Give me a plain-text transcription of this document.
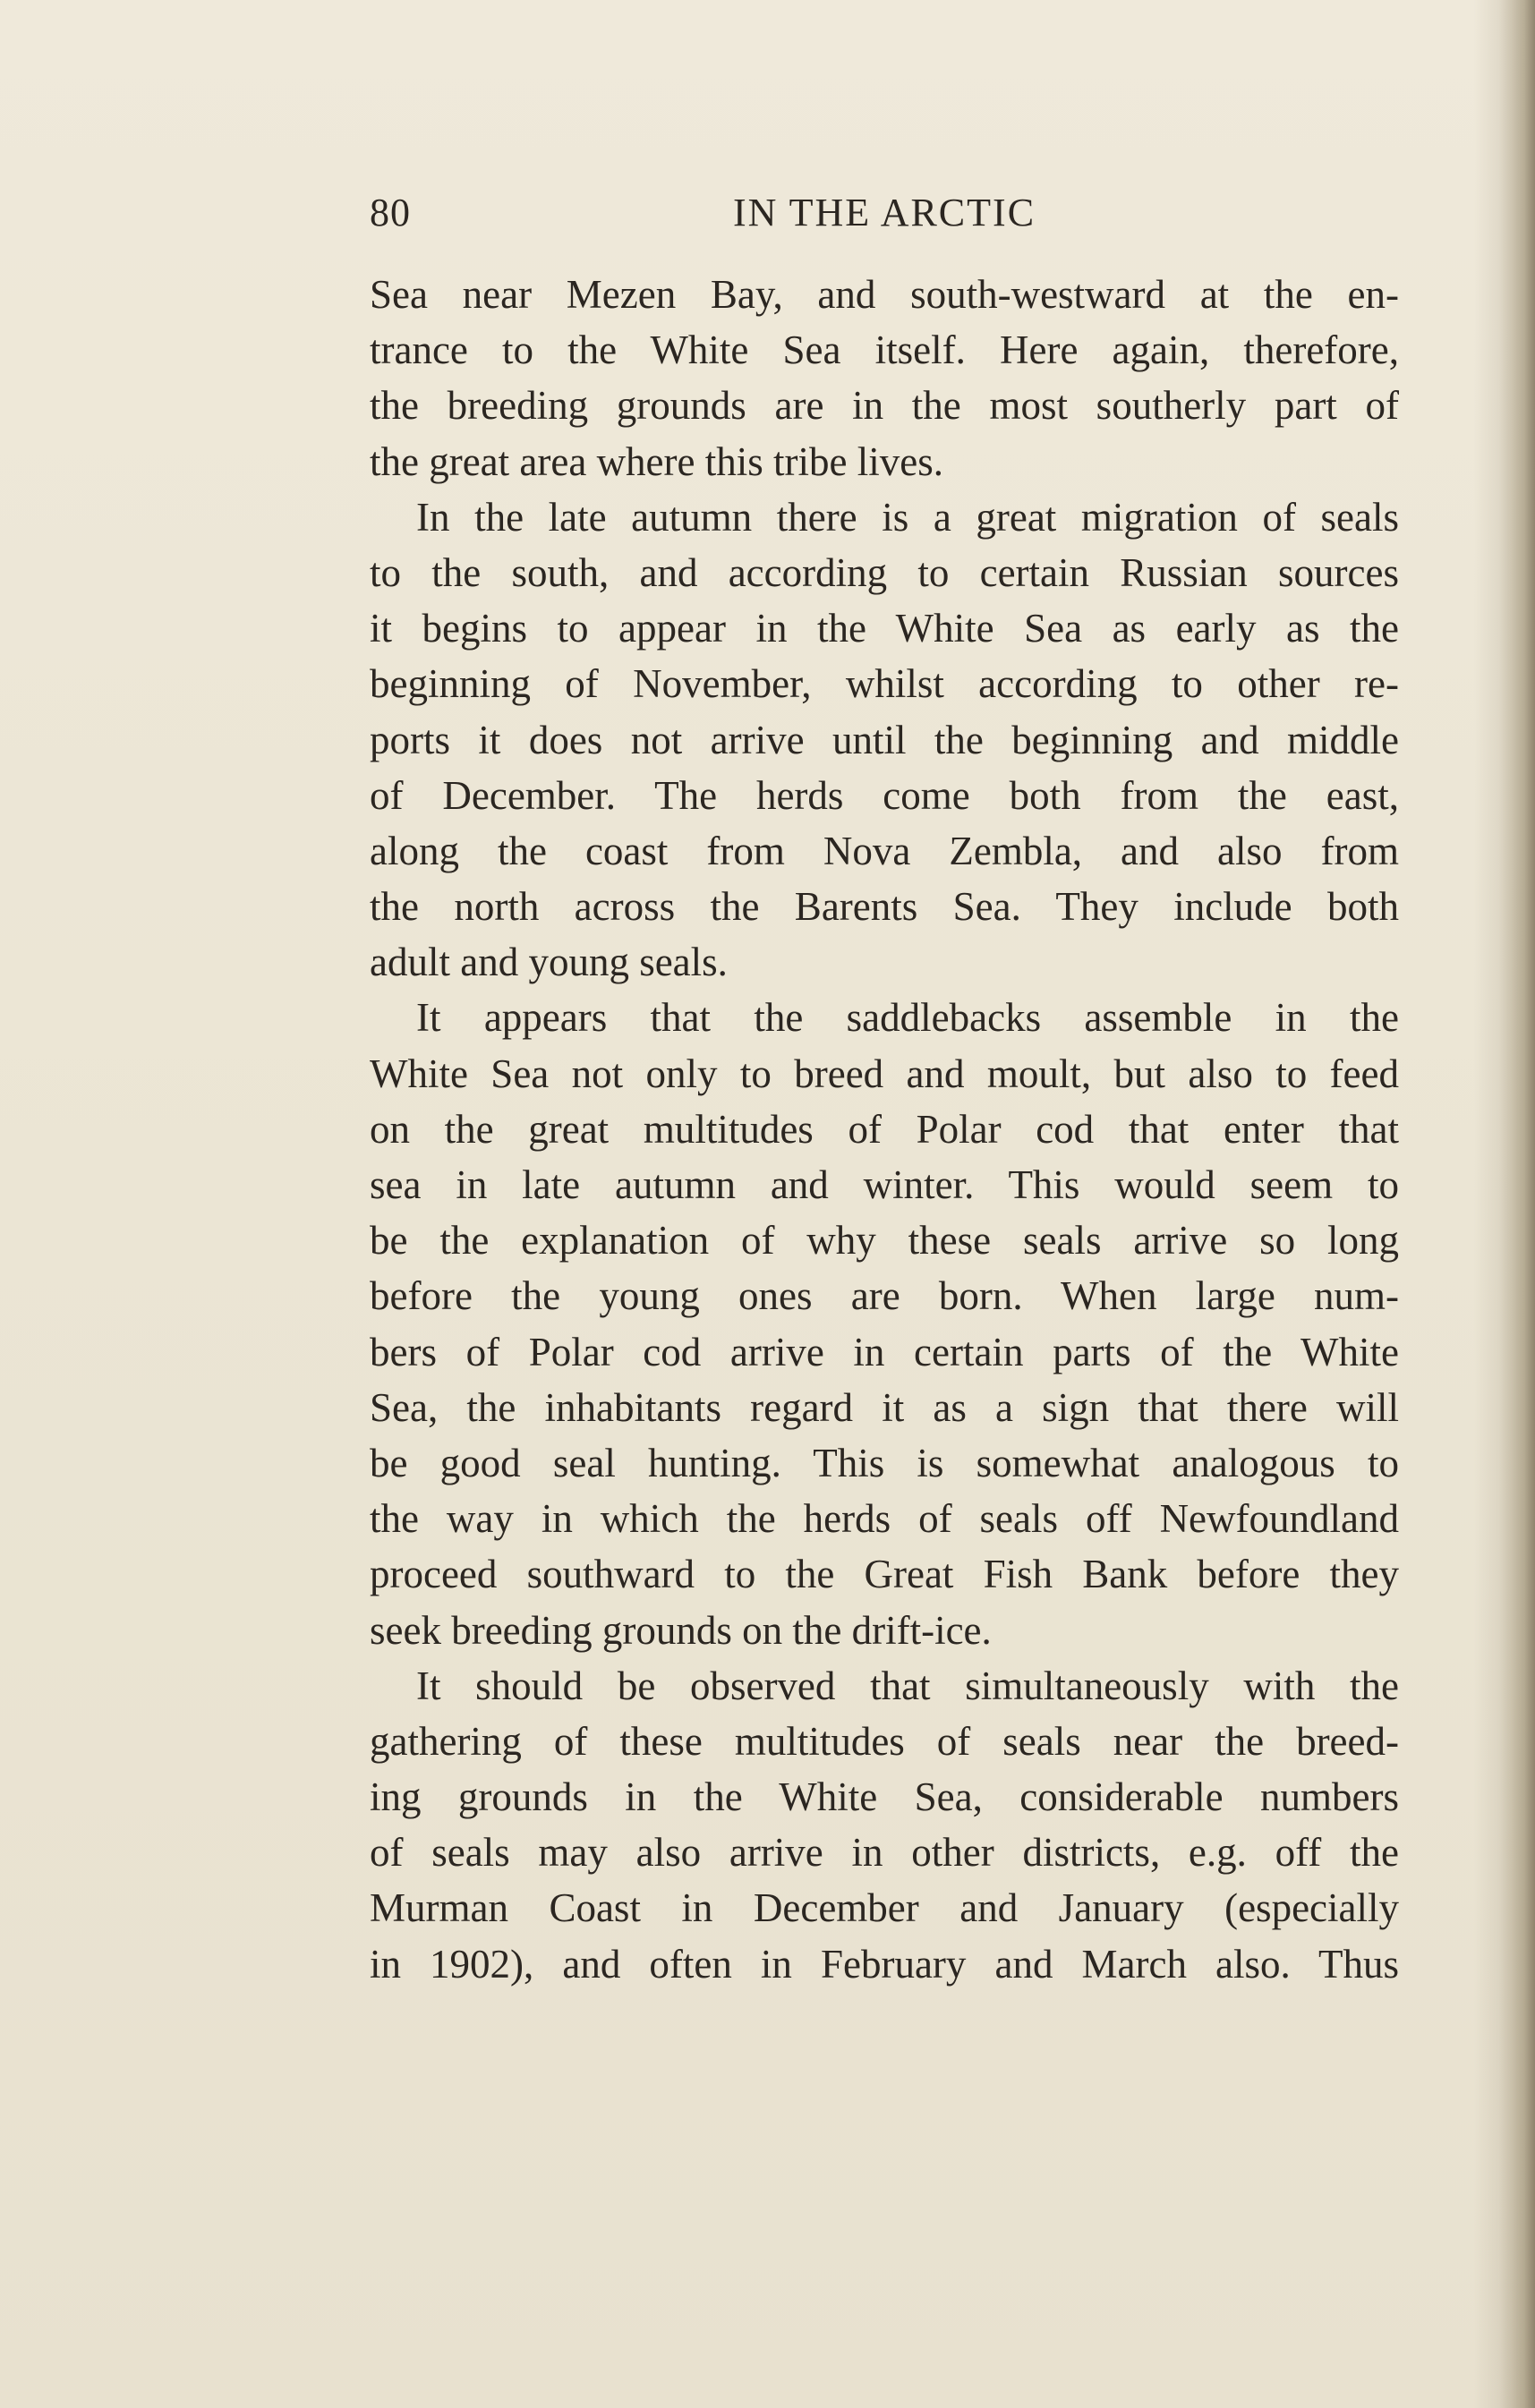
80	IN THE ARCTIC
Sea near Mezen Bay, and south-westward at the en-
trance to the White Sea itself. Here again, therefore,
the breeding grounds are in the most southerly part of
the great area where this tribe lives.
In the late autumn there is a great migration of seals
to the south, and according to certain Russian sources
it begins to appear in the White Sea as early as the
beginning of November, whilst according to other re-
ports it does not arrive until the beginning and middle
of December. The herds come both from the east,
along the coast from Nova Zembla, and also from
the north across the Barents Sea. They include both
adult and young seals.
It appears that the saddlebacks assemble in the
White Sea not only to breed and moult, but also to feed
on the great multitudes of Polar cod that enter that
sea in late autumn and winter. This would seem to
be the explanation of why these seals arrive so long
before the young ones are born. When large num-
bers of Polar cod arrive in certain parts of the White
Sea, the inhabitants regard it as a sign that there will
be good seal hunting. This is somewhat analogous to
the way in which the herds of seals off Newfoundland
proceed southward to the Great Fish Bank before they
seek breeding grounds on the drift-ice.
It should be observed that simultaneously with the
gathering of these multitudes of seals near the breed-
ing grounds in the White Sea, considerable numbers
of seals may also arrive in other districts, e.g. off the
Murman Coast in December and January (especially
in 1902), and often in February and March also. Thus
